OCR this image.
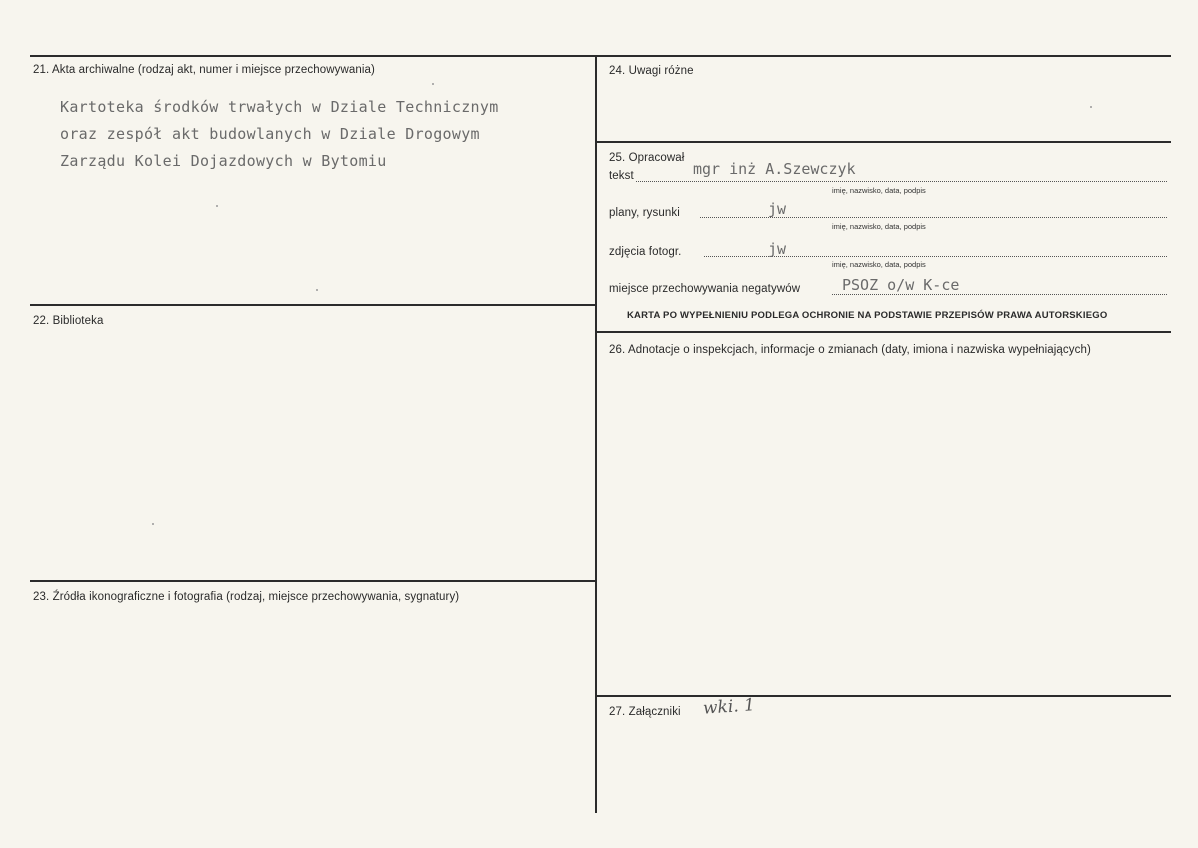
21. Akta archiwalne (rodzaj akt, numer i miejsce przechowywania)
Kartoteka środków trwałych w Dziale Technicznym
oraz zespół akt budowlanych w Dziale Drogowym
Zarządu Kolei Dojazdowych w Bytomiu
22. Biblioteka
23. Źródła ikonograficzne i fotografia (rodzaj, miejsce przechowywania, sygnatury)
24. Uwagi różne
25. Opracował
tekst	mgr inż A.Szewczyk
imię, nazwisko, data, podpis
plany, rysunki	jw
imię, nazwisko, data, podpis
zdjęcia fotogr.	jw
imię, nazwisko, data, podpis
miejsce przechowywania negatywów	PSOZ o/w K-ce
KARTA PO WYPEŁNIENIU PODLEGA OCHRONIE NA PODSTAWIE PRZEPISÓW PRAWA AUTORSKIEGO
26. Adnotacje o inspekcjach, informacje o zmianach (daty, imiona i nazwiska wypełniających)
27. Załączniki wki. 1
